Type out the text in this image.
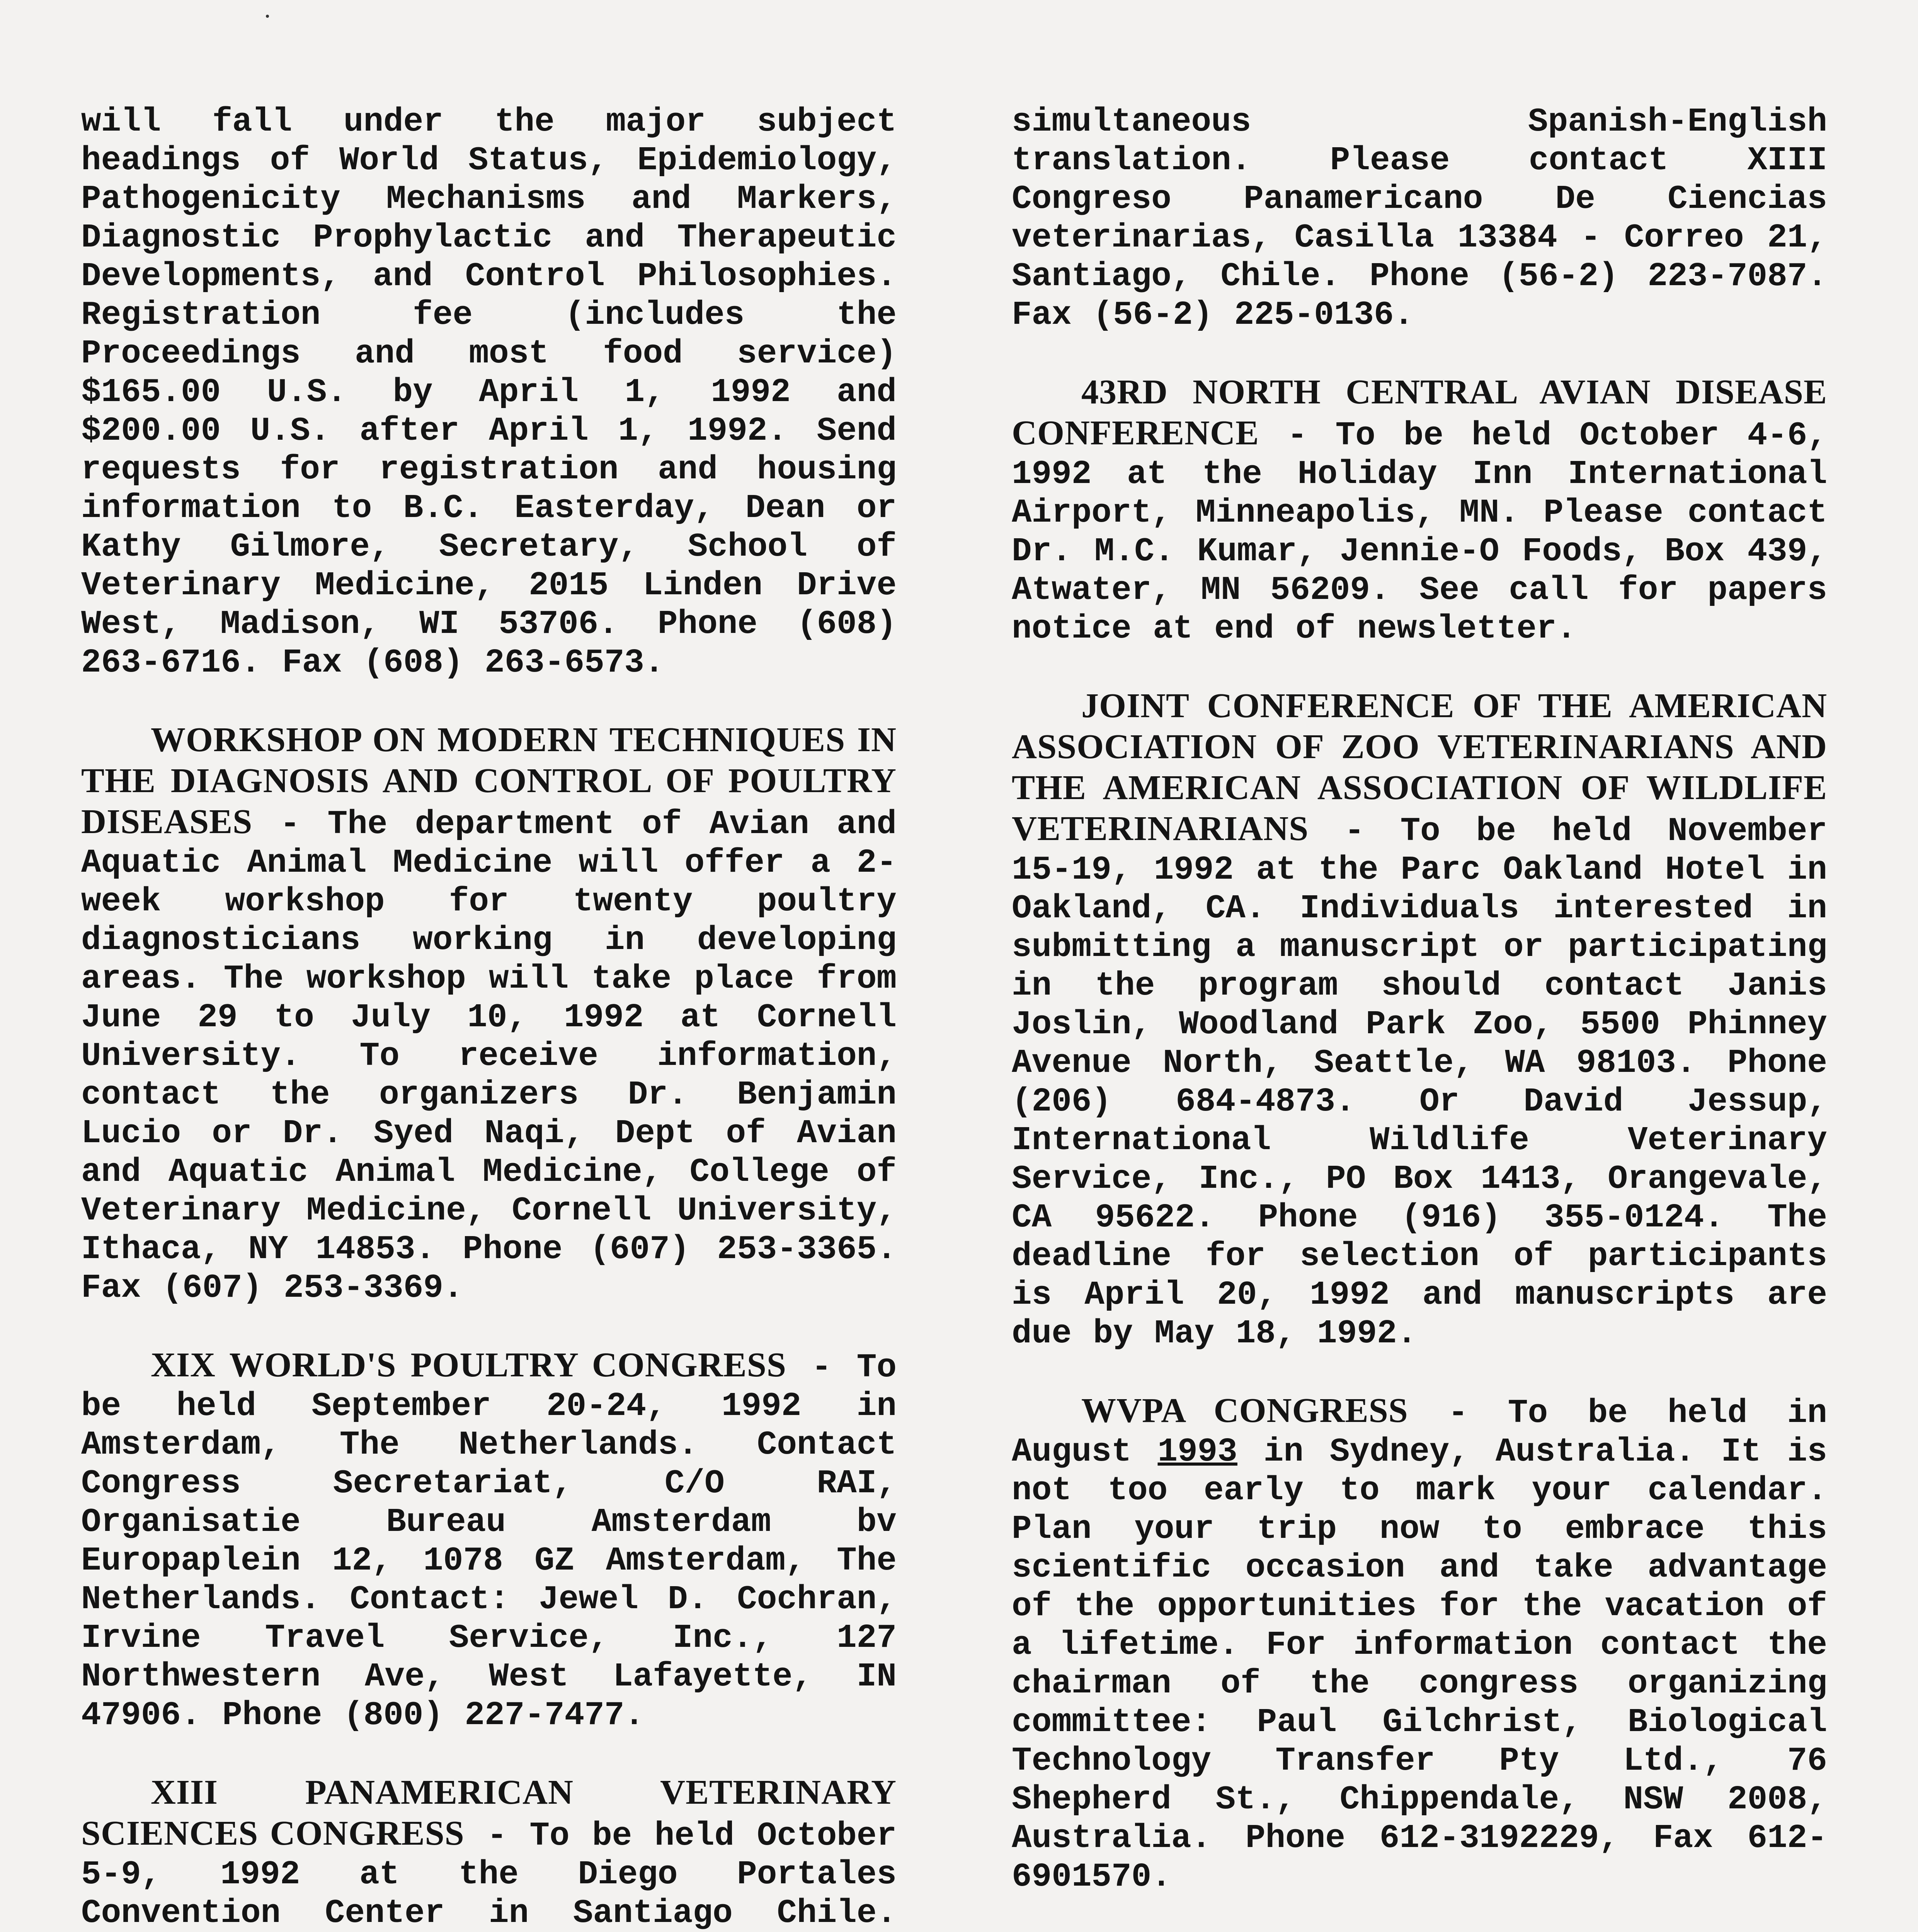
will fall under the major subject headings of World Status, Epidemiology, Pathogenicity Mechanisms and Markers, Diagnostic Prophylactic and Therapeutic Developments, and Control Philosophies. Registration fee (includes the Proceedings and most food service) $165.00 U.S. by April 1, 1992 and $200.00 U.S. after April 1, 1992. Send requests for registration and housing information to B.C. Easterday, Dean or Kathy Gilmore, Secretary, School of Veterinary Medicine, 2015 Linden Drive West, Madison, WI 53706. Phone (608) 263-6716. Fax (608) 263-6573.

WORKSHOP ON MODERN TECHNIQUES IN THE DIAGNOSIS AND CONTROL OF POULTRY DISEASES - The department of Avian and Aquatic Animal Medicine will offer a 2-week workshop for twenty poultry diagnosticians working in developing areas. The workshop will take place from June 29 to July 10, 1992 at Cornell University. To receive information, contact the organizers Dr. Benjamin Lucio or Dr. Syed Naqi, Dept of Avian and Aquatic Animal Medicine, College of Veterinary Medicine, Cornell University, Ithaca, NY 14853. Phone (607) 253-3365. Fax (607) 253-3369.

XIX WORLD'S POULTRY CONGRESS - To be held September 20-24, 1992 in Amsterdam, The Netherlands. Contact Congress Secretariat, C/O RAI, Organisatie Bureau Amsterdam bv Europaplein 12, 1078 GZ Amsterdam, The Netherlands. Contact: Jewel D. Cochran, Irvine Travel Service, Inc., 127 Northwestern Ave, West Lafayette, IN 47906. Phone (800) 227-7477.

XIII PANAMERICAN VETERINARY SCIENCES CONGRESS - To be held October 5-9, 1992 at the Diego Portales Convention Center in Santiago Chile.

simultaneous Spanish-English translation. Please contact XIII Congreso Panamericano De Ciencias veterinarias, Casilla 13384 - Correo 21, Santiago, Chile. Phone (56-2) 223-7087. Fax (56-2) 225-0136.

43RD NORTH CENTRAL AVIAN DISEASE CONFERENCE - To be held October 4-6, 1992 at the Holiday Inn International Airport, Minneapolis, MN. Please contact Dr. M.C. Kumar, Jennie-O Foods, Box 439, Atwater, MN 56209. See call for papers notice at end of newsletter.

JOINT CONFERENCE OF THE AMERICAN ASSOCIATION OF ZOO VETERINARIANS AND THE AMERICAN ASSOCIATION OF WILDLIFE VETERINARIANS - To be held November 15-19, 1992 at the Parc Oakland Hotel in Oakland, CA. Individuals interested in submitting a manuscript or participating in the program should contact Janis Joslin, Woodland Park Zoo, 5500 Phinney Avenue North, Seattle, WA 98103. Phone (206) 684-4873. Or David Jessup, International Wildlife Veterinary Service, Inc., PO Box 1413, Orangevale, CA 95622. Phone (916) 355-0124. The deadline for selection of participants is April 20, 1992 and manuscripts are due by May 18, 1992.

WVPA CONGRESS - To be held in August 1993 in Sydney, Australia. It is not too early to mark your calendar. Plan your trip now to embrace this scientific occasion and take advantage of the opportunities for the vacation of a lifetime. For information contact the chairman of the congress organizing committee: Paul Gilchrist, Biological Technology Transfer Pty Ltd., 76 Shepherd St., Chippendale, NSW 2008, Australia. Phone 612-3192229, Fax 612-6901570.
